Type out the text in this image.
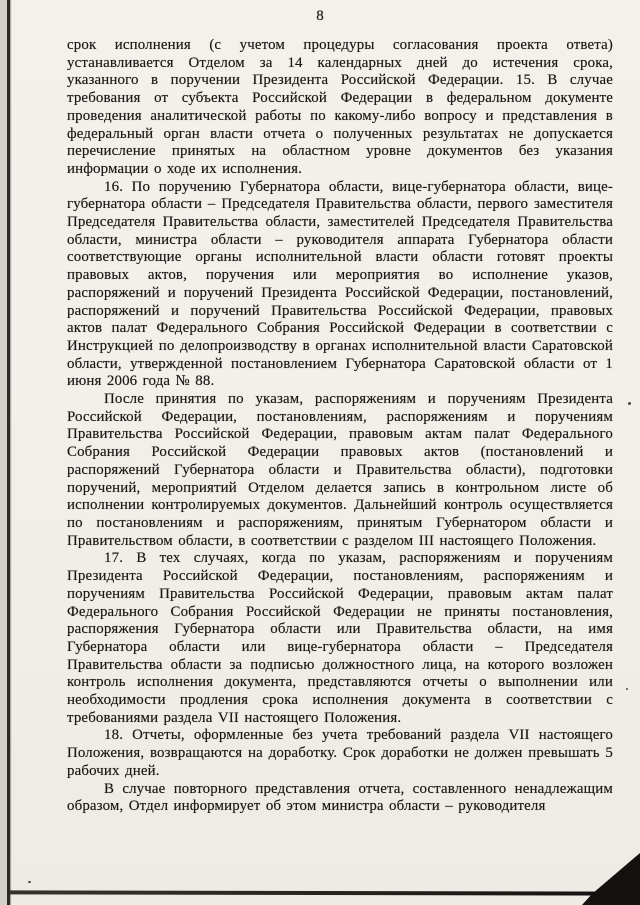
8

срок исполнения (с учетом процедуры согласования проекта ответа) устанавливается Отделом за 14 календарных дней до истечения срока, указанного в поручении Президента Российской Федерации. 15. В случае требования от субъекта Российской Федерации в федеральном документе проведения аналитической работы по какому-либо вопросу и представления в федеральный орган власти отчета о полученных результатах не допускается перечисление принятых на областном уровне документов без указания информации о ходе их исполнения.

16. По поручению Губернатора области, вице-губернатора области, вице-губернатора области – Председателя Правительства области, первого заместителя Председателя Правительства области, заместителей Председателя Правительства области, министра области – руководителя аппарата Губернатора области соответствующие органы исполнительной власти области готовят проекты правовых актов, поручения или мероприятия во исполнение указов, распоряжений и поручений Президента Российской Федерации, постановлений, распоряжений и поручений Правительства Российской Федерации, правовых актов палат Федерального Собрания Российской Федерации в соответствии с Инструкцией по делопроизводству в органах исполнительной власти Саратовской области, утвержденной постановлением Губернатора Саратовской области от 1 июня 2006 года № 88.

После принятия по указам, распоряжениям и поручениям Президента Российской Федерации, постановлениям, распоряжениям и поручениям Правительства Российской Федерации, правовым актам палат Федерального Собрания Российской Федерации правовых актов (постановлений и распоряжений Губернатора области и Правительства области), подготовки поручений, мероприятий Отделом делается запись в контрольном листе об исполнении контролируемых документов. Дальнейший контроль осуществляется по постановлениям и распоряжениям, принятым Губернатором области и Правительством области, в соответствии с разделом III настоящего Положения.

17. В тех случаях, когда по указам, распоряжениям и поручениям Президента Российской Федерации, постановлениям, распоряжениям и поручениям Правительства Российской Федерации, правовым актам палат Федерального Собрания Российской Федерации не приняты постановления, распоряжения Губернатора области или Правительства области, на имя Губернатора области или вице-губернатора области – Председателя Правительства области за подписью должностного лица, на которого возложен контроль исполнения документа, представляются отчеты о выполнении или необходимости продления срока исполнения документа в соответствии с требованиями раздела VII настоящего Положения.

18. Отчеты, оформленные без учета требований раздела VII настоящего Положения, возвращаются на доработку. Срок доработки не должен превышать 5 рабочих дней.

В случае повторного представления отчета, составленного ненадлежащим образом, Отдел информирует об этом министра области – руководителя
